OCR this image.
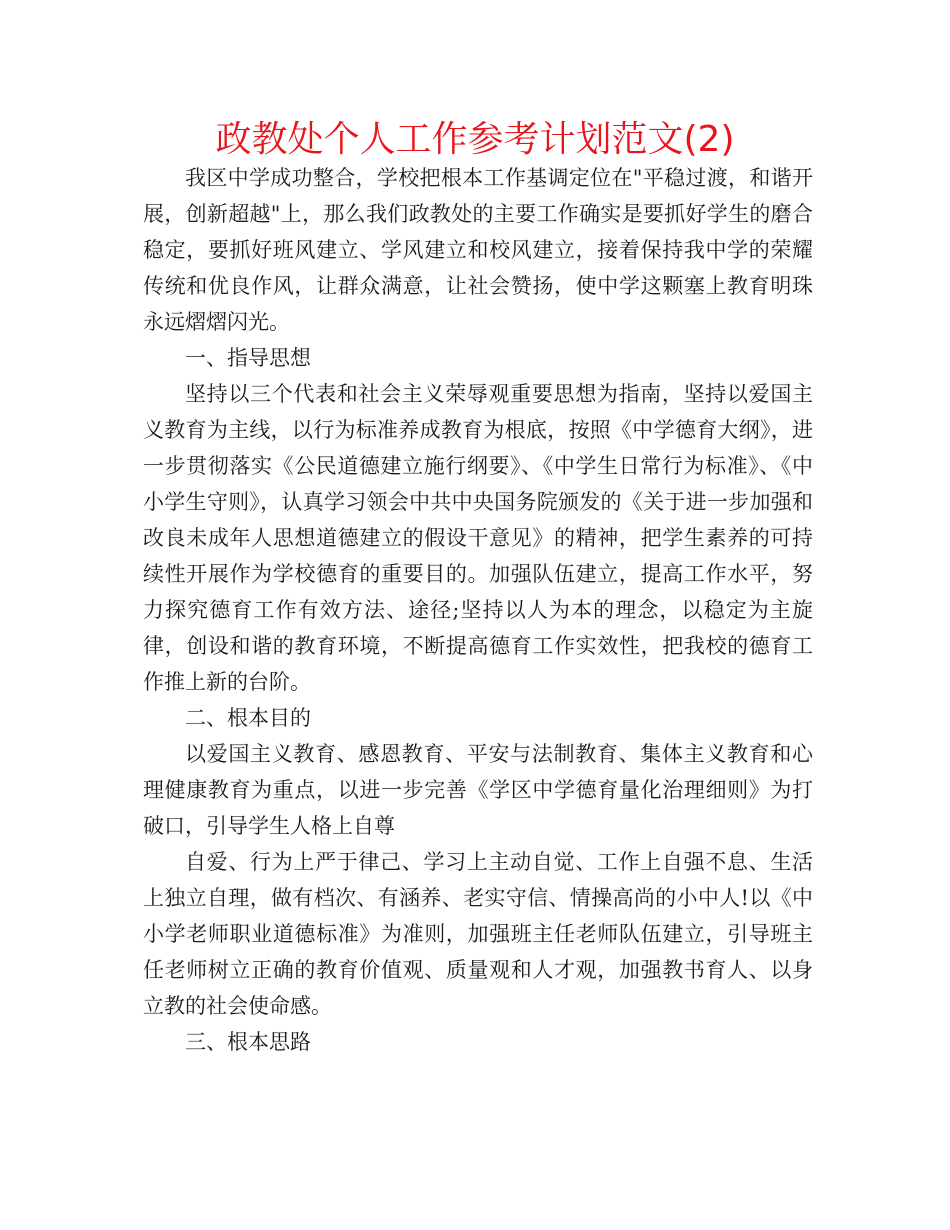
政教处个人工作参考计划范文(2)

我区中学成功整合，学校把根本工作基调定位在"平稳过渡，和谐开展，创新超越"上，那么我们政教处的主要工作确实是要抓好学生的磨合稳定，要抓好班风建立、学风建立和校风建立，接着保持我中学的荣耀传统和优良作风，让群众满意，让社会赞扬，使中学这颗塞上教育明珠永远熠熠闪光。

一、指导思想

坚持以三个代表和社会主义荣辱观重要思想为指南，坚持以爱国主义教育为主线，以行为标准养成教育为根底，按照《中学德育大纲》，进一步贯彻落实《公民道德建立施行纲要》、《中学生日常行为标准》、《中小学生守则》，认真学习领会中共中央国务院颁发的《关于进一步加强和改良未成年人思想道德建立的假设干意见》的精神，把学生素养的可持续性开展作为学校德育的重要目的。加强队伍建立，提高工作水平，努力探究德育工作有效方法、途径;坚持以人为本的理念，以稳定为主旋律，创设和谐的教育环境，不断提高德育工作实效性，把我校的德育工作推上新的台阶。

二、根本目的

以爱国主义教育、感恩教育、平安与法制教育、集体主义教育和心理健康教育为重点，以进一步完善《学区中学德育量化治理细则》为打破口，引导学生人格上自尊

自爱、行为上严于律己、学习上主动自觉、工作上自强不息、生活上独立自理，做有档次、有涵养、老实守信、情操高尚的小中人!以《中小学老师职业道德标准》为准则，加强班主任老师队伍建立，引导班主任老师树立正确的教育价值观、质量观和人才观，加强教书育人、以身立教的社会使命感。

三、根本思路
